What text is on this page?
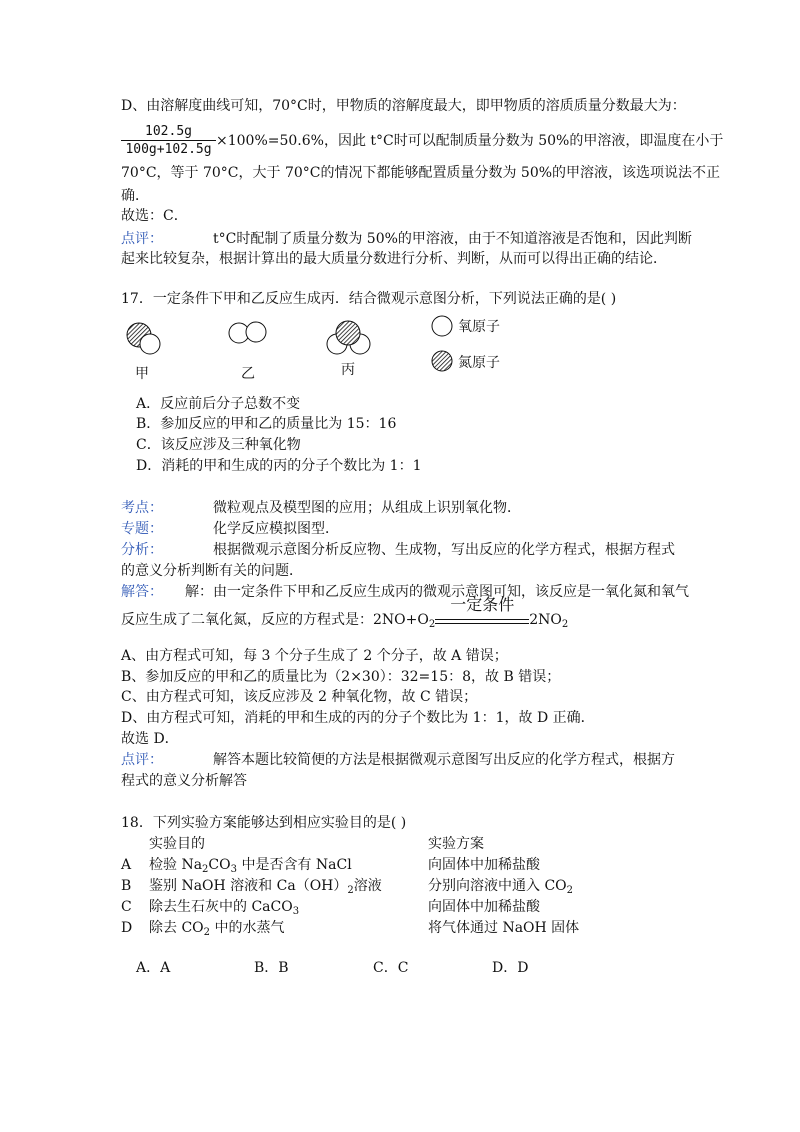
D、由溶解度曲线可知，70°C时，甲物质的溶解度最大，即甲物质的溶质质量分数最大为：
102.5g
100g+102.5g
×100%=50.6%，因此 t°C时可以配制质量分数为 50%的甲溶液，即温度在小于
70°C，等于 70°C，大于 70°C的情况下都能够配置质量分数为 50%的甲溶液，该选项说法不正
确．
故选：C．
点评：	t°C时配制了质量分数为 50%的甲溶液，由于不知道溶液是否饱和，因此判断
起来比较复杂，根据计算出的最大质量分数进行分析、判断，从而可以得出正确的结论．
17．一定条件下甲和乙反应生成丙．结合微观示意图分析，下列说法正确的是( )
甲	乙	丙
氧原子
氮原子
A．反应前后分子总数不变
B．参加反应的甲和乙的质量比为 15：16
C．该反应涉及三种氧化物
D．消耗的甲和生成的丙的分子个数比为 1：1
考点：	微粒观点及模型图的应用；从组成上识别氧化物．
专题：	化学反应模拟图型．
分析：	根据微观示意图分析反应物、生成物，写出反应的化学方程式，根据方程式
的意义分析判断有关的问题．
解答： 解：由一定条件下甲和乙反应生成丙的微观示意图可知，该反应是一氧化氮和氧气
反应生成了二氧化氮，反应的方程式是：$2NO+O_2$
一定条件
$2NO_2$
A、由方程式可知，每 3 个分子生成了 2 个分子，故 A 错误；
B、参加反应的甲和乙的质量比为（2×30）：32=15：8，故 B 错误；
C、由方程式可知，该反应涉及 2 种氧化物，故 C 错误；
D、由方程式可知，消耗的甲和生成的丙的分子个数比为 1：1，故 D 正确．
故选 D．
点评：	解答本题比较简便的方法是根据微观示意图写出反应的化学方程式，根据方
程式的意义分析解答
18．下列实验方案能够达到相应实验目的是( )
实验目的	实验方案
A 检验 $Na_2CO_3$ 中是否含有 NaCl	向固体中加稀盐酸
B 鉴别 NaOH 溶液和 $Ca(OH)_2$溶液	分别向溶液中通入 $CO_2$
C 除去生石灰中的 CaCO$_3$	向固体中加稀盐酸
D 除去 $CO_2$ 中的水蒸气	将气体通过 NaOH 固体
A．A	B．B	C．C	D．D
